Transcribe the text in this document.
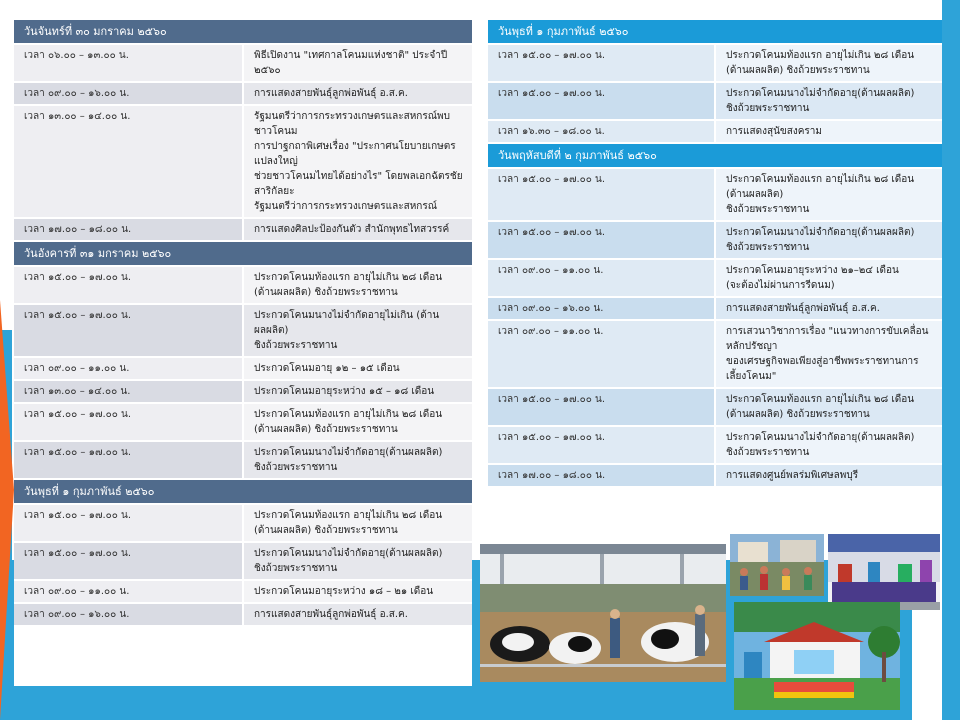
วันจันทร์ที่ ๓๐ มกราคม ๒๕๖๐	
เวลา ๐๖.๐๐ – ๑๓.๐๐ น.	พิธีเปิดงาน "เทศกาลโคนมแห่งชาติ" ประจำปี ๒๕๖๐

เวลา ๐๙.๐๐ – ๑๖.๐๐ น.	การแสดงสายพันธุ์ลูกพ่อพันธุ์ อ.ส.ค.

เวลา ๑๓.๐๐ – ๑๔.๐๐ น.	รัฐมนตรีว่าการกระทรวงเกษตรและสหกรณ์พบชาวโคนม
การปาฐกถาพิเศษเรื่อง "ประกาศนโยบายเกษตรแปลงใหญ่
ช่วยชาวโคนมไทยได้อย่างไร" โดยพลเอกฉัตรชัย สาริกัลยะ
รัฐมนตรีว่าการกระทรวงเกษตรและสหกรณ์

เวลา ๑๗.๐๐ – ๑๘.๐๐ น.	การแสดงศิลปะป้องกันตัว สำนักพุทธไทสวรรค์

วันอังคารที่ ๓๑ มกราคม ๒๕๖๐	
เวลา ๑๕.๐๐ – ๑๗.๐๐ น.	ประกวดโคนมท้องแรก อายุไม่เกิน ๒๘ เดือน
(ด้านผลผลิต) ชิงถ้วยพระราชทาน

เวลา ๑๕.๐๐ – ๑๗.๐๐ น.	ประกวดโคนมนางไม่จำกัดอายุไม่เกิน (ด้านผลผลิต)
ชิงถ้วยพระราชทาน

เวลา ๐๙.๐๐ – ๑๑.๐๐ น.	ประกวดโคนมอายุ ๑๒ – ๑๕ เดือน

เวลา ๑๓.๐๐ – ๑๔.๐๐ น.	ประกวดโคนมอายุระหว่าง ๑๕ – ๑๘ เดือน

เวลา ๑๕.๐๐ – ๑๗.๐๐ น.	ประกวดโคนมท้องแรก อายุไม่เกิน ๒๘ เดือน
(ด้านผลผลิต) ชิงถ้วยพระราชทาน

เวลา ๑๕.๐๐ – ๑๗.๐๐ น.	ประกวดโคนมนางไม่จำกัดอายุ(ด้านผลผลิต)
ชิงถ้วยพระราชทาน

วันพุธที่ ๑ กุมภาพันธ์ ๒๕๖๐	
เวลา ๑๕.๐๐ – ๑๗.๐๐ น.	ประกวดโคนมท้องแรก อายุไม่เกิน ๒๘ เดือน
(ด้านผลผลิต) ชิงถ้วยพระราชทาน

เวลา ๑๕.๐๐ – ๑๗.๐๐ น.	ประกวดโคนมนางไม่จำกัดอายุ(ด้านผลผลิต)
ชิงถ้วยพระราชทาน

เวลา ๐๙.๐๐ – ๑๑.๐๐ น.	ประกวดโคนมอายุระหว่าง ๑๘ – ๒๑ เดือน

เวลา ๐๙.๐๐ – ๑๖.๐๐ น.	การแสดงสายพันธุ์ลูกพ่อพันธุ์ อ.ส.ค.
วันพุธที่ ๑ กุมภาพันธ์ ๒๕๖๐	
เวลา ๑๕.๐๐ – ๑๗.๐๐ น.	ประกวดโคนมท้องแรก อายุไม่เกิน ๒๘ เดือน
(ด้านผลผลิต) ชิงถ้วยพระราชทาน

เวลา ๑๕.๐๐ – ๑๗.๐๐ น.	ประกวดโคนมนางไม่จำกัดอายุ(ด้านผลผลิต)
ชิงถ้วยพระราชทาน

เวลา ๑๖.๓๐ – ๑๘.๐๐ น.	การแสดงสุนัขสงคราม

วันพฤหัสบดีที่ ๒ กุมภาพันธ์ ๒๕๖๐	
เวลา ๑๕.๐๐ – ๑๗.๐๐ น.	ประกวดโคนมท้องแรก อายุไม่เกิน ๒๘ เดือน (ด้านผลผลิต)
ชิงถ้วยพระราชทาน

เวลา ๑๕.๐๐ – ๑๗.๐๐ น.	ประกวดโคนมนางไม่จำกัดอายุ(ด้านผลผลิต)
ชิงถ้วยพระราชทาน

เวลา ๐๙.๐๐ – ๑๑.๐๐ น.	ประกวดโคนมอายุระหว่าง ๒๑–๒๔ เดือน
(จะต้องไม่ผ่านการรีดนม)

เวลา ๐๙.๐๐ – ๑๖.๐๐ น.	การแสดงสายพันธุ์ลูกพ่อพันธุ์ อ.ส.ค.

เวลา ๐๙.๐๐ – ๑๑.๐๐ น.	การเสวนาวิชาการเรื่อง "แนวทางการขับเคลื่อนหลักปรัชญา
ของเศรษฐกิจพอเพียงสู่อาชีพพระราชทานการเลี้ยงโคนม"

เวลา ๑๕.๐๐ – ๑๗.๐๐ น.	ประกวดโคนมท้องแรก อายุไม่เกิน ๒๘ เดือน
(ด้านผลผลิต) ชิงถ้วยพระราชทาน

เวลา ๑๕.๐๐ – ๑๗.๐๐ น.	ประกวดโคนมนางไม่จำกัดอายุ(ด้านผลผลิต)
ชิงถ้วยพระราชทาน

เวลา ๑๗.๐๐ – ๑๘.๐๐ น.	การแสดงศูนย์พลร่มพิเศษลพบุรี
